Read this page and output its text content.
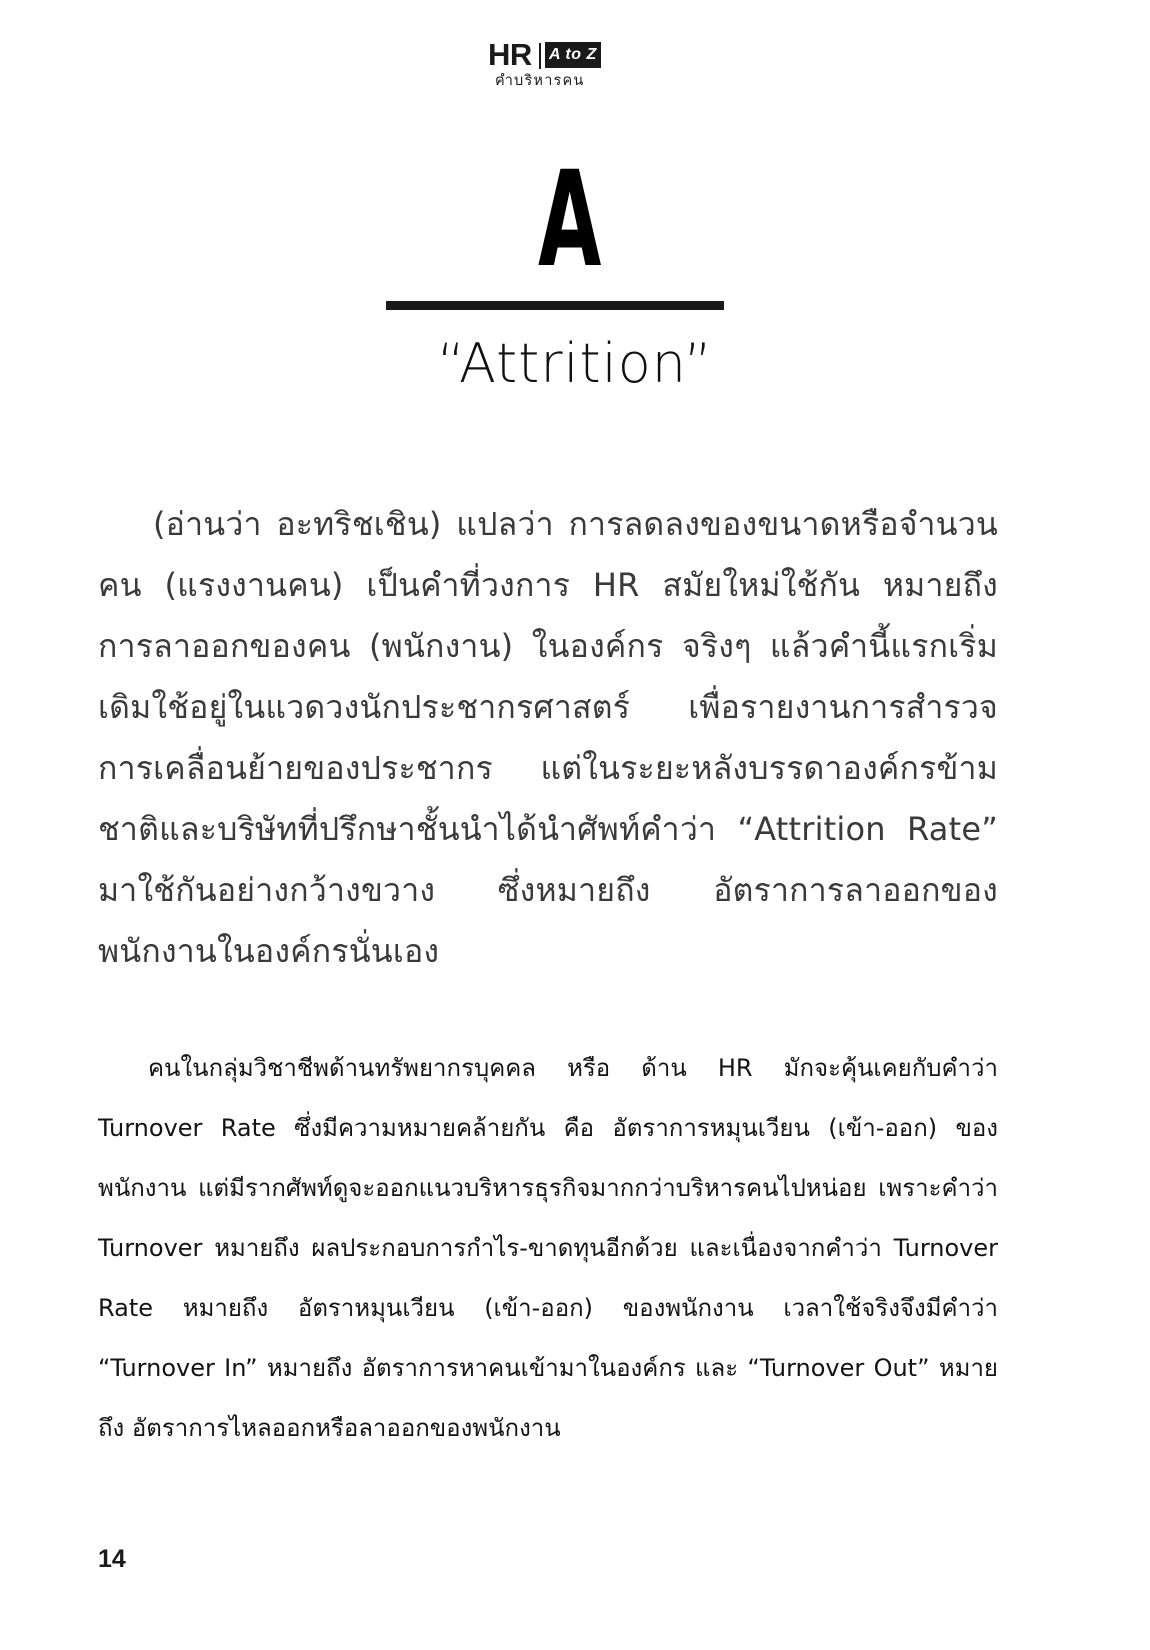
HR A to Z
คำบริหารคน
A
“Attrition”

(อ่านว่า อะทริชเชิน) แปลว่า การลดลงของขนาดหรือจำนวนคน (แรงงานคน) เป็นคำที่วงการ HR สมัยใหม่ใช้กัน หมายถึง การลาออกของคน (พนักงาน) ในองค์กร จริงๆ แล้วคำนี้แรกเริ่มเดิมใช้อยู่ในแวดวงนักประชากรศาสตร์ เพื่อรายงานการสำรวจการเคลื่อนย้ายของประชากร แต่ในระยะหลังบรรดาองค์กรข้ามชาติและบริษัทที่ปรึกษาชั้นนำได้นำศัพท์คำว่า “Attrition Rate” มาใช้กันอย่างกว้างขวาง ซึ่งหมายถึง อัตราการลาออกของพนักงานในองค์กรนั่นเอง

คนในกลุ่มวิชาชีพด้านทรัพยากรบุคคล หรือ ด้าน HR มักจะคุ้นเคยกับคำว่า Turnover Rate ซึ่งมีความหมายคล้ายกัน คือ อัตราการหมุนเวียน (เข้า-ออก) ของพนักงาน แต่มีรากศัพท์ดูจะออกแนวบริหารธุรกิจมากกว่าบริหารคนไปหน่อย เพราะคำว่า Turnover หมายถึง ผลประกอบการกำไร-ขาดทุนอีกด้วย และเนื่องจากคำว่า Turnover Rate หมายถึง อัตราหมุนเวียน (เข้า-ออก) ของพนักงาน เวลาใช้จริงจึงมีคำว่า “Turnover In” หมายถึง อัตราการหาคนเข้ามาในองค์กร และ “Turnover Out” หมายถึง อัตราการไหลออกหรือลาออกของพนักงาน

14
